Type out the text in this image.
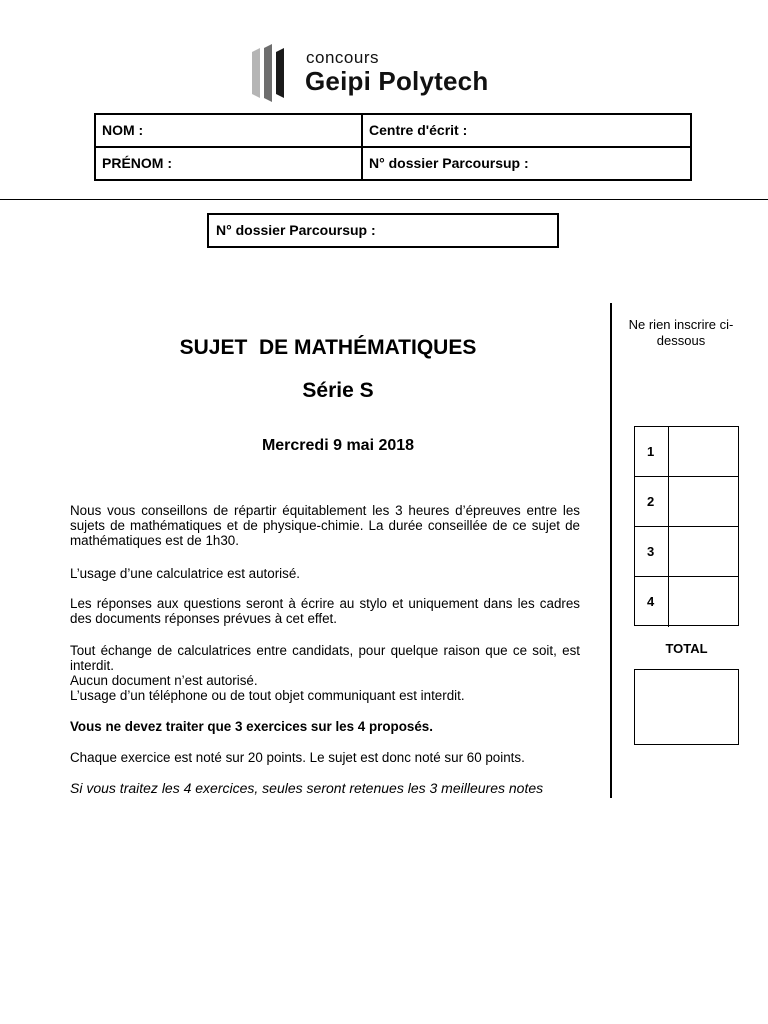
concours
Geipi Polytech
NOM :	Centre d'écrit :
PRÉNOM :	N° dossier Parcoursup :
N° dossier Parcoursup :
SUJET  DE MATHÉMATIQUES
Série S
Mercredi 9 mai 2018
Nous vous conseillons de répartir équitablement les 3 heures d’épreuves entre les sujets de mathématiques et de physique-chimie. La durée conseillée de ce sujet de mathématiques est de 1h30.
L’usage d’une calculatrice est autorisé.
Les réponses aux questions seront à écrire au stylo et uniquement dans les cadres des documents réponses prévues à cet effet.
Tout échange de calculatrices entre candidats, pour quelque raison que ce soit, est interdit.
Aucun document n’est autorisé.
L’usage d’un téléphone ou de tout objet communiquant est interdit.
Vous ne devez traiter que 3 exercices sur les 4 proposés.
Chaque exercice est noté sur 20 points. Le sujet est donc noté sur 60 points.
Si vous traitez les 4 exercices, seules seront retenues les 3 meilleures notes
Ne rien inscrire ci-dessous
1
2
3
4
TOTAL
